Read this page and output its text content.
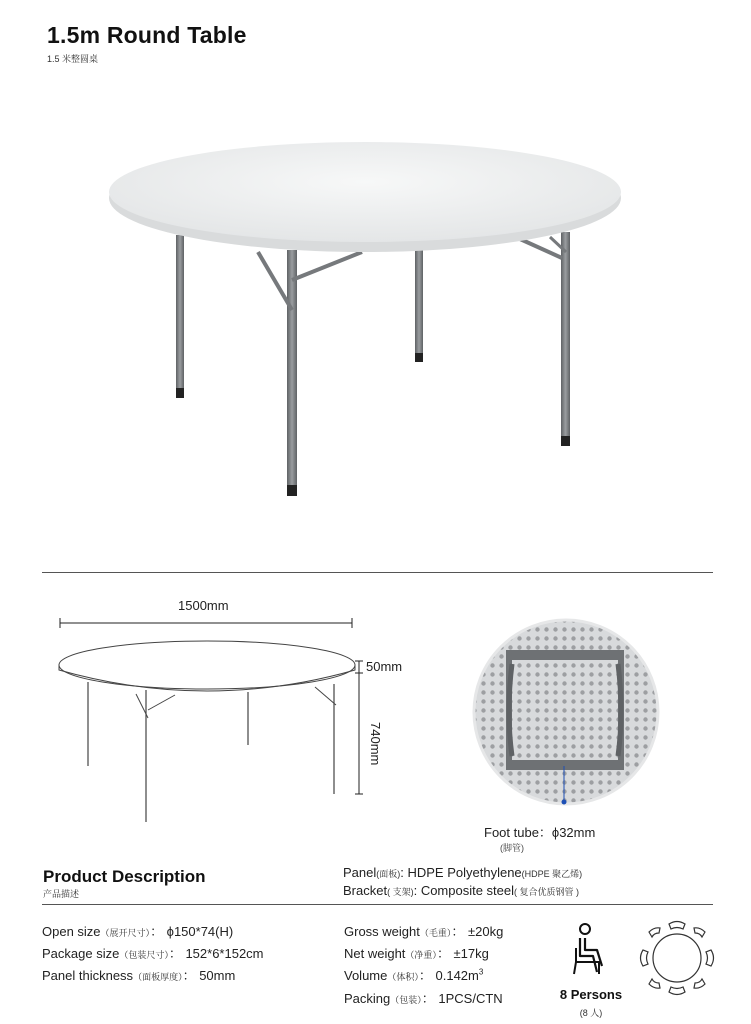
1.5m Round Table
1.5 米整圆桌
1500mm
50mm
740mm
Foot tube：ϕ32mm
(脚管)
Product Description
产品描述
Panel(面板): HDPE Polyethylene(HDPE 聚乙烯)
Bracket( 支架): Composite steel( 复合优质钢管 )
Open size（展开尺寸）： ϕ150*74(H)
Package size（包装尺寸）： 152*6*152cm
Panel thickness（面板厚度）： 50mm
Gross weight（毛重）： ±20kg
Net weight（净重）： ±17kg
Volume（体积）： $0.142m^3$
Packing（包装）： 1PCS/CTN	8 Persons
(8 人)
